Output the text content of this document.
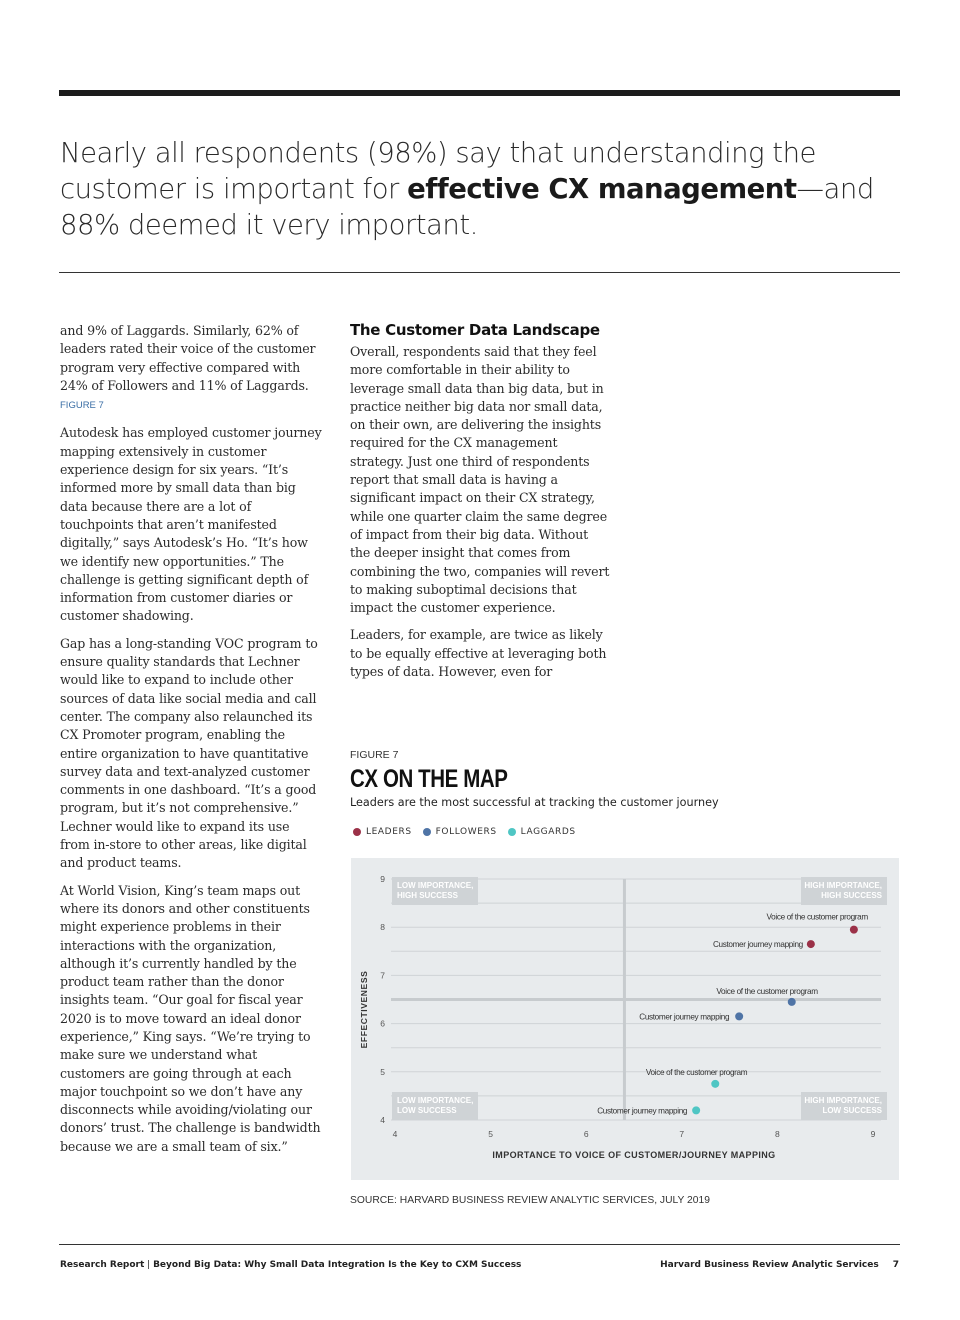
Nearly all respondents (98%) say that understanding the customer is important for effective CX management—and 88% deemed it very important.

and 9% of Laggards. Similarly, 62% of leaders rated their voice of the customer program very effective compared with 24% of Followers and 11% of Laggards. FIGURE 7

Autodesk has employed customer journey mapping extensively in customer experience design for six years. “It’s informed more by small data than big data because there are a lot of touchpoints that aren’t manifested digitally,” says Autodesk’s Ho. “It’s how we identify new opportunities.” The challenge is getting significant depth of information from customer diaries or customer shadowing.

Gap has a long-standing VOC program to ensure quality standards that Lechner would like to expand to include other sources of data like social media and call center. The company also relaunched its CX Promoter program, enabling the entire organization to have quantitative survey data and text-analyzed customer comments in one dashboard. “It’s a good program, but it’s not comprehensive.” Lechner would like to expand its use from in-store to other areas, like digital and product teams.

At World Vision, King’s team maps out where its donors and other constituents might experience problems in their interactions with the organization, although it’s currently handled by the product team rather than the donor insights team. “Our goal for fiscal year 2020 is to move toward an ideal donor experience,” King says. “We’re trying to make sure we understand what customers are going through at each major touchpoint so we don’t have any disconnects while avoiding/violating our donors’ trust. The challenge is bandwidth because we are a small team of six.”

The Customer Data Landscape

Overall, respondents said that they feel more comfortable in their ability to leverage small data than big data, but in practice neither big data nor small data, on their own, are delivering the insights required for the CX management strategy. Just one third of respondents report that small data is having a significant impact on their CX strategy, while one quarter claim the same degree of impact from their big data. Without the deeper insight that comes from combining the two, companies will revert to making suboptimal decisions that impact the customer experience.

Leaders, for example, are twice as likely to be equally effective at leveraging both types of data. However, even for

FIGURE 7
CX ON THE MAP
Leaders are the most successful at tracking the customer journey
LEADERS	FOLLOWERS	LAGGARDS
4
5
6
7
8
9
4	5	6	7	8	9
IMPORTANCE TO VOICE OF CUSTOMER/JOURNEY MAPPING
EFFECTIVENESS
LOW IMPORTANCE,
HIGH SUCCESS
HIGH IMPORTANCE,
HIGH SUCCESS
LOW IMPORTANCE,
LOW SUCCESS
HIGH IMPORTANCE,
LOW SUCCESS
Voice of the customer program
Customer journey mapping
Voice of the customer program
Customer journey mapping
Voice of the customer program
Customer journey mapping
SOURCE: HARVARD BUSINESS REVIEW ANALYTIC SERVICES, JULY 2019
Research Report | Beyond Big Data: Why Small Data Integration Is the Key to CXM Success	Harvard Business Review Analytic Services 7
